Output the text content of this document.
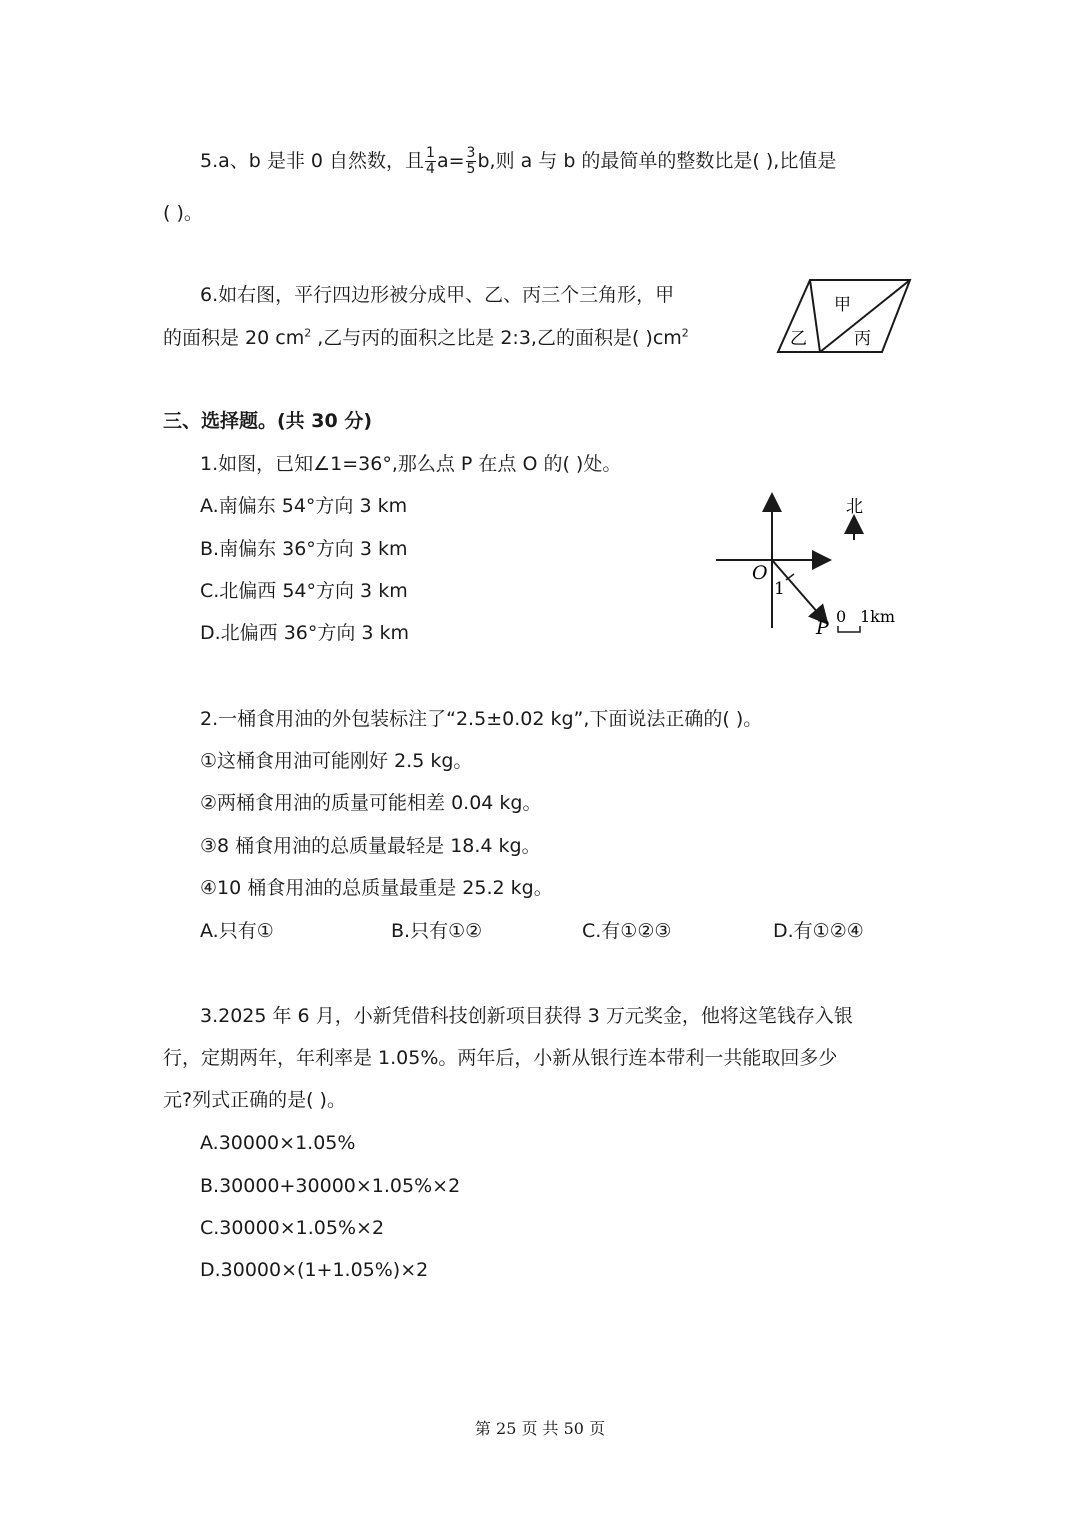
5.a、b 是非 0 自然数，且 $\frac{1}{4} a= \frac{3}{5} b$,则 a 与 b 的最简单的整数比是( ),比值是
( )。
6.如右图，平行四边形被分成甲、乙、丙三个三角形，甲
的面积是 20 $cm^2$ ,乙与丙的面积之比是 2:3,乙的面积是( )$cm^2$
甲
乙	丙
三、选择题。(共 30 分)
1.如图，已知∠1=36°,那么点 P 在点 O 的( )处。
A.南偏东 54°方向 3 km
B.南偏东 36°方向 3 km
C.北偏西 54°方向 3 km
D.北偏西 36°方向 3 km
O
1
P
北
0 1km
2.一桶食用油的外包装标注了“2.5±0.02 kg”,下面说法正确的( )。
①这桶食用油可能刚好 2.5 kg。
②两桶食用油的质量可能相差 0.04 kg。
③8 桶食用油的总质量最轻是 18.4 kg。
④10 桶食用油的总质量最重是 25.2 kg。
A.只有①	B.只有①②	C.有①②③	D.有①②④
3.2025 年 6 月，小新凭借科技创新项目获得 3 万元奖金，他将这笔钱存入银
行，定期两年，年利率是 1.05%。两年后，小新从银行连本带利一共能取回多少
元?列式正确的是( )。
A.30000×1.05%
B.30000+30000×1.05%×2
C.30000×1.05%×2
D.30000×(1+1.05%)×2
第 25 页 共 50 页
